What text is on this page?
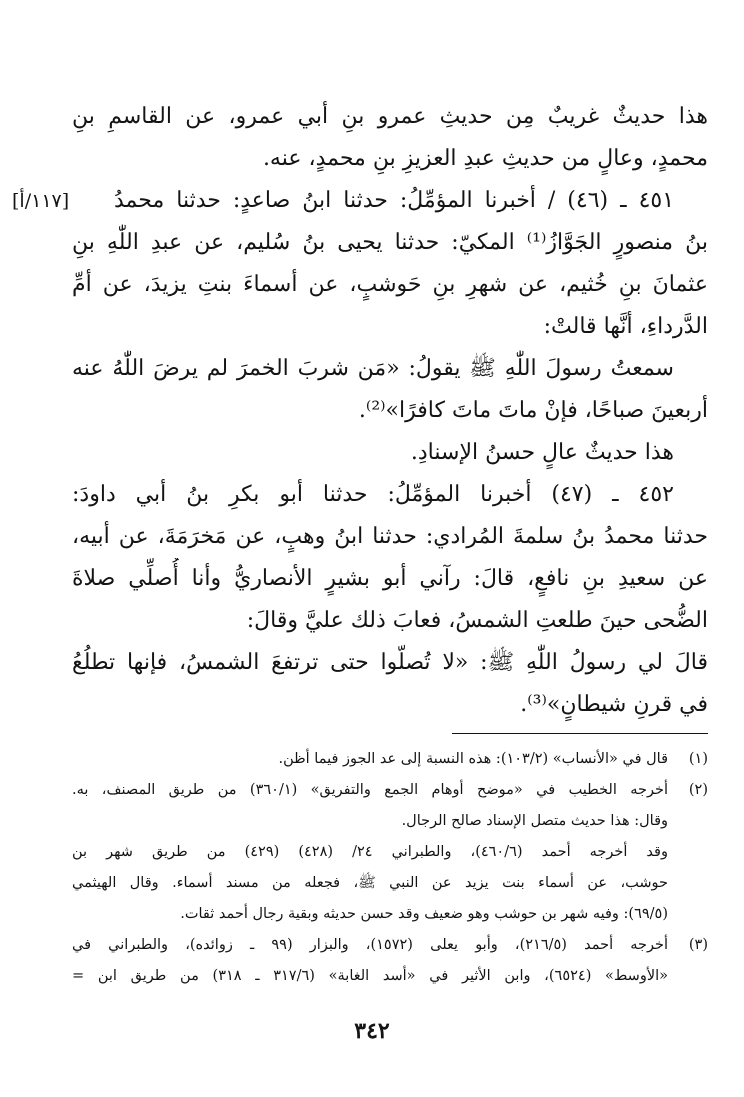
[١١٧/أ]
هذا حديثٌ غريبٌ مِن حديثِ عمرو بنِ أبي عمرو، عن القاسمِ بنِ
محمدٍ، وعالٍ من حديثِ عبدِ العزيزِ بنِ محمدٍ، عنه.
٤٥١ ـ (٤٦) / أخبرنا المؤمِّلُ: حدثنا ابنُ صاعدٍ: حدثنا محمدُ
بنُ منصورٍ الجَوَّازُ⁽¹⁾ المكيّ: حدثنا يحيى بنُ سُليم، عن عبدِ اللّٰهِ بنِ
عثمانَ بنِ خُثيم، عن شهرِ بنِ حَوشبٍ، عن أسماءَ بنتِ يزيدَ، عن أمِّ
الدَّرداءِ، أنَّها قالتْ:
سمعتُ رسولَ اللّٰهِ ﷺ يقولُ: «مَن شربَ الخمرَ لم يرضَ اللّٰهُ عنه
أربعينَ صباحًا، فإنْ ماتَ ماتَ كافرًا»⁽²⁾.
هذا حديثٌ عالٍ حسنُ الإسنادِ.
٤٥٢ ـ (٤٧) أخبرنا المؤمِّلُ: حدثنا أبو بكرِ بنُ أبي داودَ:
حدثنا محمدُ بنُ سلمةَ المُرادي: حدثنا ابنُ وهبٍ، عن مَخرَمَةَ، عن أبيه،
عن سعيدِ بنِ نافعٍ، قالَ: رآني أبو بشيرٍ الأنصاريُّ وأنا أُصلِّي صلاةَ
الضُّحى حينَ طلعتِ الشمسُ، فعابَ ذلك عليَّ وقالَ:
قالَ لي رسولُ اللّٰهِ ﷺ: «لا تُصلّوا حتى ترتفعَ الشمسُ، فإنها تطلُعُ
في قرنِ شيطانٍ»⁽³⁾.
(١)
قال في «الأنساب» (١٠٣/٢): هذه النسبة إلى عد الجوز فيما أظن.
(٢)
أخرجه الخطيب في «موضح أوهام الجمع والتفريق» (٣٦٠/١) من طريق المصنف، به.
وقال: هذا حديث متصل الإسناد صالح الرجال.
وقد أخرجه أحمد (٤٦٠/٦)، والطبراني ٢٤/ (٤٢٨) (٤٢٩) من طريق شهر بن
حوشب، عن أسماء بنت يزيد عن النبي ﷺ، فجعله من مسند أسماء. وقال الهيثمي
(٦٩/٥): وفيه شهر بن حوشب وهو ضعيف وقد حسن حديثه وبقية رجال أحمد ثقات.
(٣)
أخرجه أحمد (٢١٦/٥)، وأبو يعلى (١٥٧٢)، والبزار (٩٩ ـ زوائده)، والطبراني في
«الأوسط» (٦٥٢٤)، وابن الأثير في «أسد الغابة» (٣١٧/٦ ـ ٣١٨) من طريق ابن =
٣٤٢
